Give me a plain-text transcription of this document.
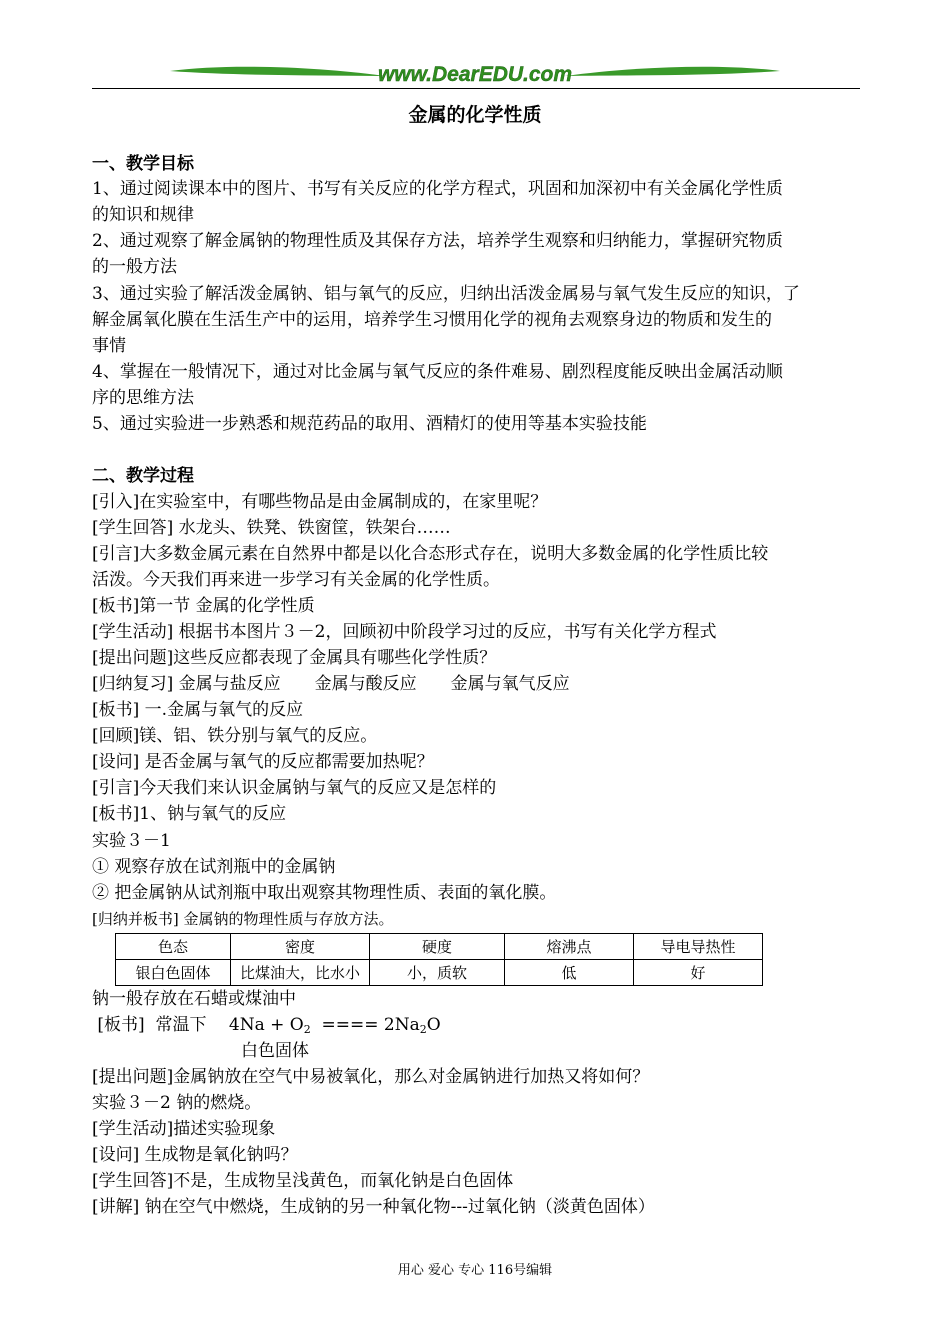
www.DearEDU.com
金属的化学性质
一、教学目标
1、通过阅读课本中的图片、书写有关反应的化学方程式，巩固和加深初中有关金属化学性质
的知识和规律
2、通过观察了解金属钠的物理性质及其保存方法，培养学生观察和归纳能力，掌握研究物质
的一般方法
3、通过实验了解活泼金属钠、铝与氧气的反应，归纳出活泼金属易与氧气发生反应的知识，了
解金属氧化膜在生活生产中的运用，培养学生习惯用化学的视角去观察身边的物质和发生的
事情
4、掌握在一般情况下，通过对比金属与氧气反应的条件难易、剧烈程度能反映出金属活动顺
序的思维方法
5、通过实验进一步熟悉和规范药品的取用、酒精灯的使用等基本实验技能
二、教学过程
[引入]在实验室中，有哪些物品是由金属制成的，在家里呢？
[学生回答] 水龙头、铁凳、铁窗筐，铁架台……
[引言]大多数金属元素在自然界中都是以化合态形式存在，说明大多数金属的化学性质比较
活泼。今天我们再来进一步学习有关金属的化学性质。
[板书]第一节 金属的化学性质
[学生活动] 根据书本图片３－2，回顾初中阶段学习过的反应，书写有关化学方程式
[提出问题]这些反应都表现了金属具有哪些化学性质？
[归纳复习] 金属与盐反应　　金属与酸反应　　金属与氧气反应
[板书] 一.金属与氧气的反应
[回顾]镁、铝、铁分别与氧气的反应。
[设问] 是否金属与氧气的反应都需要加热呢？
[引言]今天我们来认识金属钠与氧气的反应又是怎样的
[板书]1、钠与氧气的反应
实验３－1
① 观察存放在试剂瓶中的金属钠
② 把金属钠从试剂瓶中取出观察其物理性质、表面的氧化膜。
[归纳并板书] 金属钠的物理性质与存放方法。
钠一般存放在石蜡或煤油中
[板书]  常温下　 $4Na + O_2$  ==== $2Na_2O$
白色固体
[提出问题]金属钠放在空气中易被氧化，那么对金属钠进行加热又将如何？
实验３－2 钠的燃烧。
[学生活动]描述实验现象
[设问] 生成物是氧化钠吗？
[学生回答]不是，生成物呈浅黄色，而氧化钠是白色固体
[讲解] 钠在空气中燃烧，生成钠的另一种氧化物---过氧化钠（淡黄色固体）
色态	密度	硬度	熔沸点	导电导热性
银白色固体	比煤油大，比水小	小，质软	低	好
用心 爱心 专心 116号编辑
